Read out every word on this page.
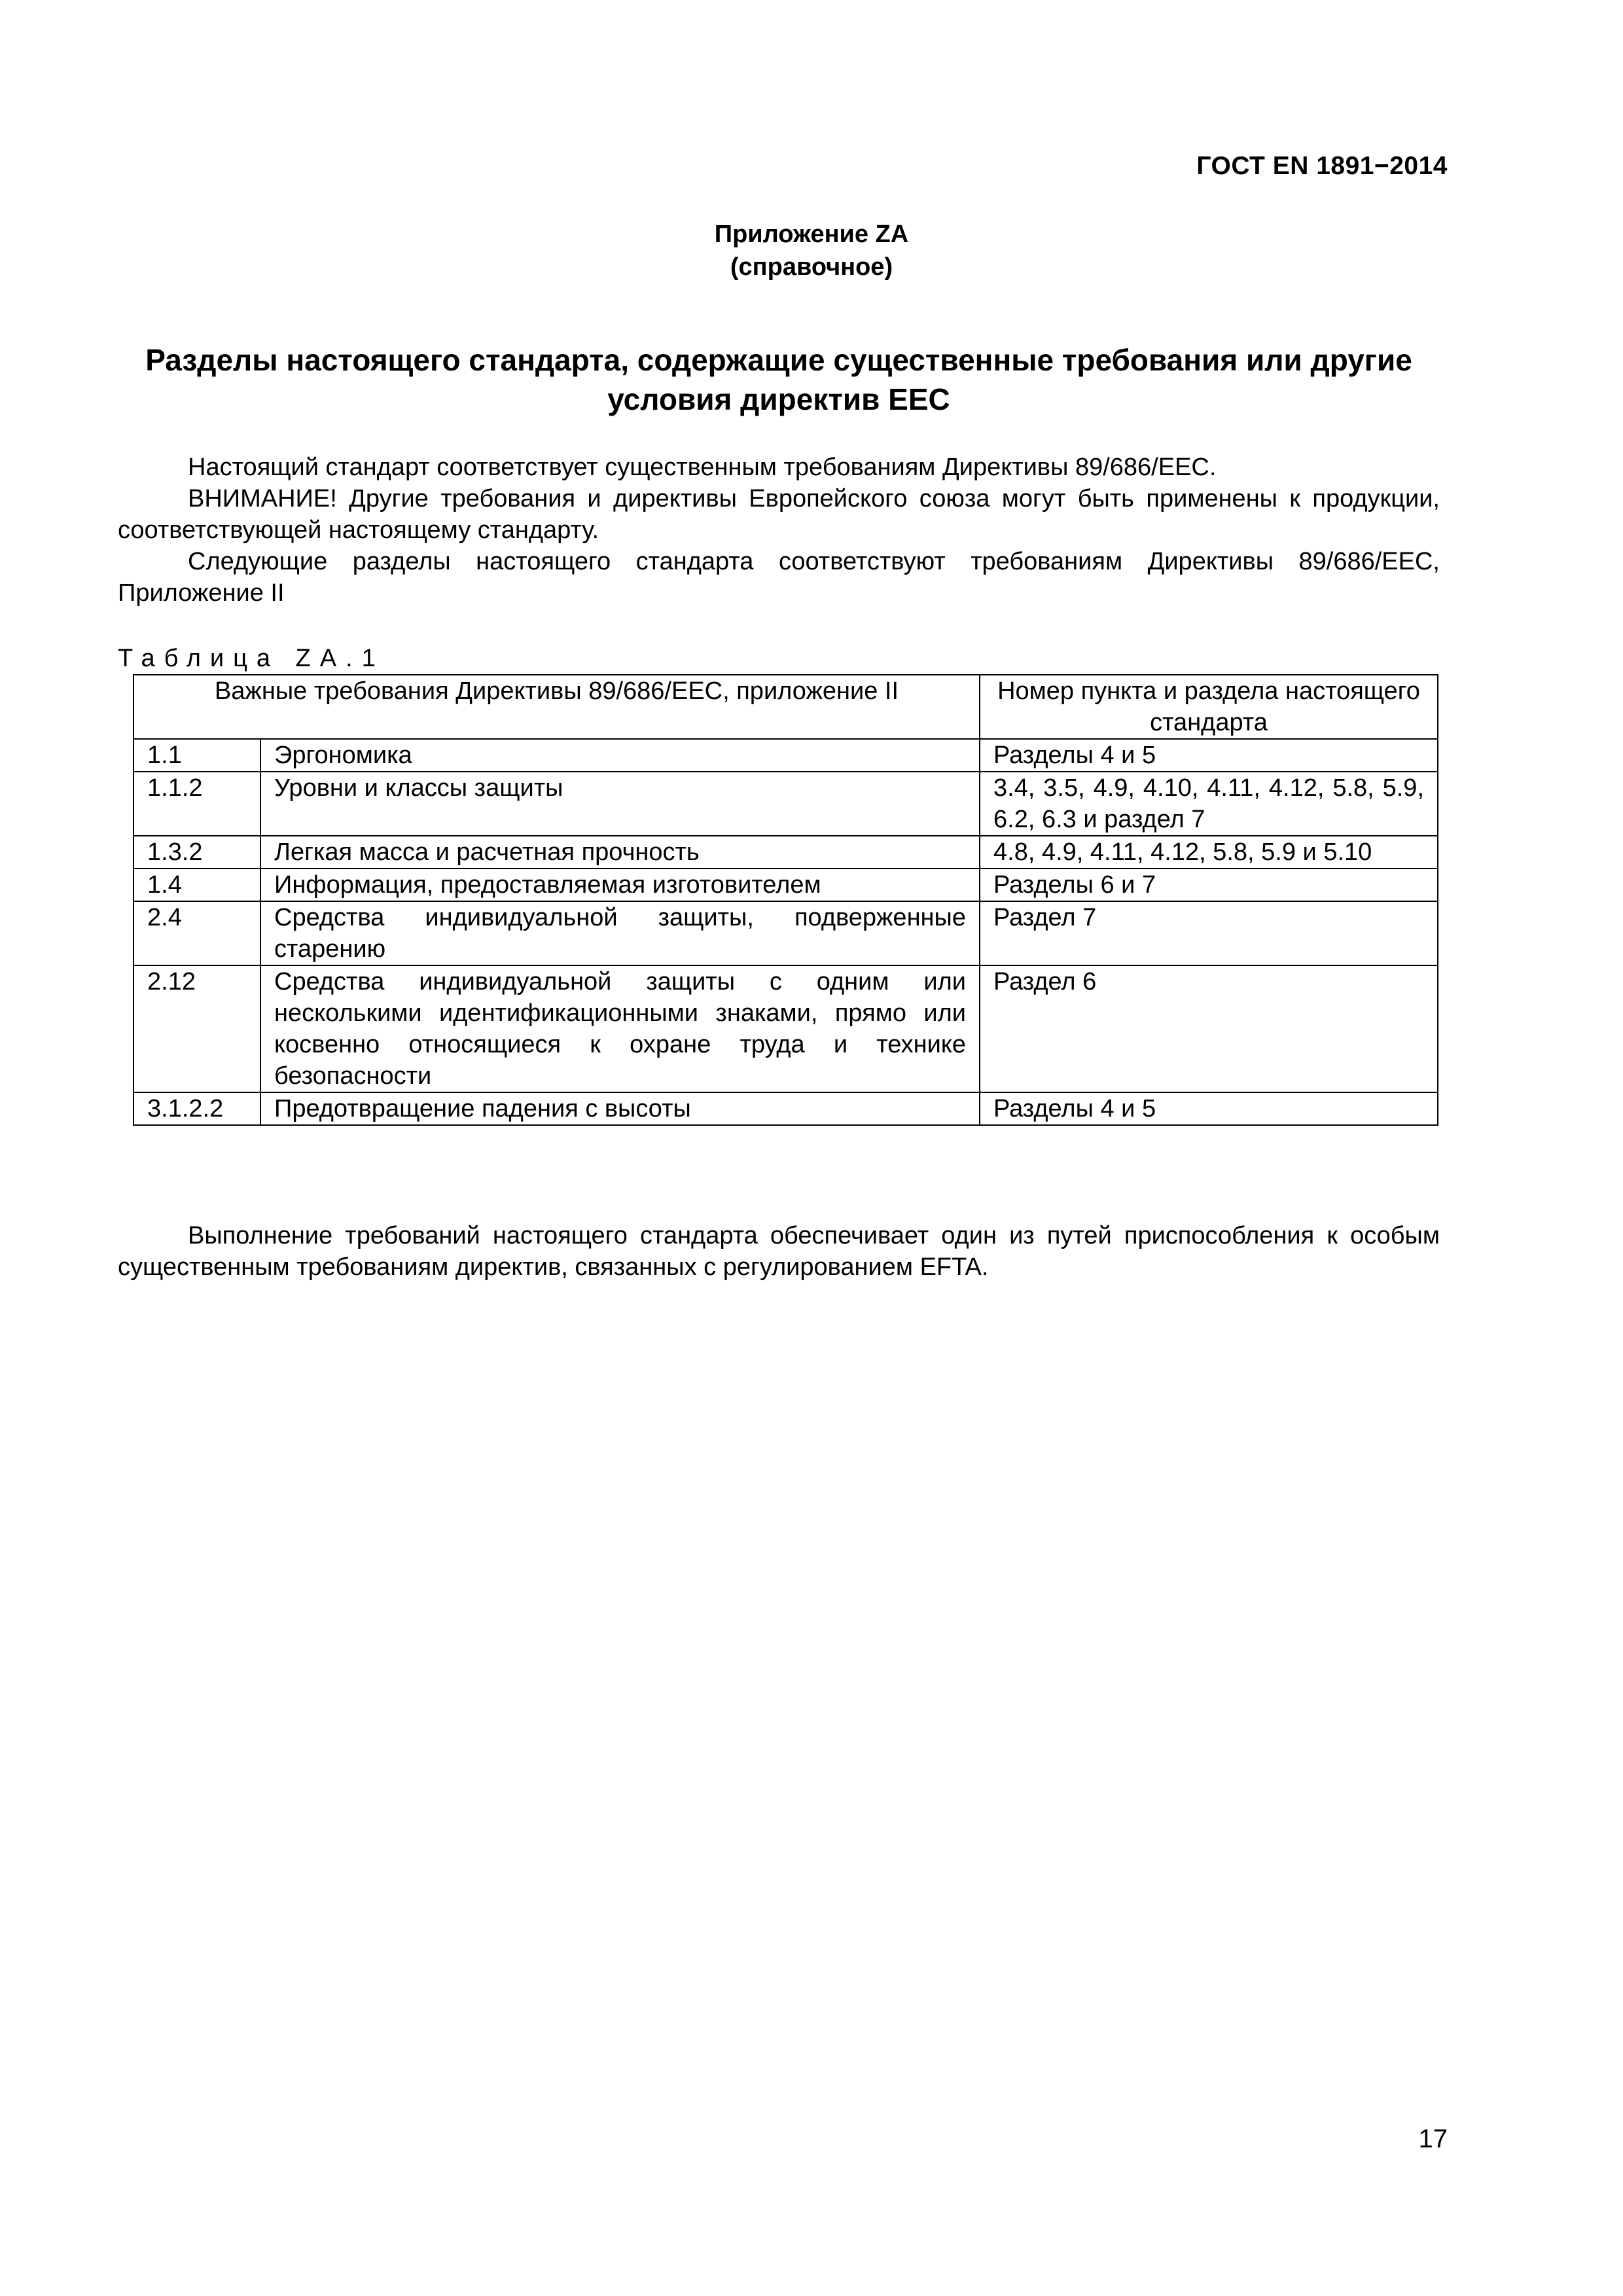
ГОСТ EN 1891−2014
Приложение ZA
(справочное)
Разделы настоящего стандарта, содержащие существенные требования или другие условия директив ЕЕС
Настоящий стандарт соответствует существенным требованиям Директивы 89/686/ЕЕС.
ВНИМАНИЕ! Другие требования и директивы Европейского союза могут быть применены к продукции, соответствующей настоящему стандарту.
Следующие разделы настоящего стандарта соответствуют требованиям Директивы 89/686/ЕЕС, Приложение II
Таблица ZA.1
Важные требования Директивы 89/686/ЕЕС, приложение II		Номер пункта и раздела настоящего стандарта
1.1	Эргономика	Разделы 4 и 5
1.1.2	Уровни и классы защиты	3.4, 3.5, 4.9, 4.10, 4.11, 4.12, 5.8, 5.9, 6.2, 6.3 и раздел 7
1.3.2	Легкая масса и расчетная прочность	4.8, 4.9, 4.11, 4.12, 5.8, 5.9 и 5.10
1.4	Информация, предоставляемая изготовителем	Разделы 6 и 7
2.4	Средства индивидуальной защиты, подверженные старению	Раздел 7
2.12	Средства индивидуальной защиты с одним или несколькими идентификационными знаками, прямо или косвенно относящиеся к охране труда и технике безопасности	Раздел 6
3.1.2.2	Предотвращение падения с высоты	Разделы 4 и 5
Выполнение требований настоящего стандарта обеспечивает один из путей приспособления к особым существенным требованиям директив, связанных с регулированием EFTA.
17
